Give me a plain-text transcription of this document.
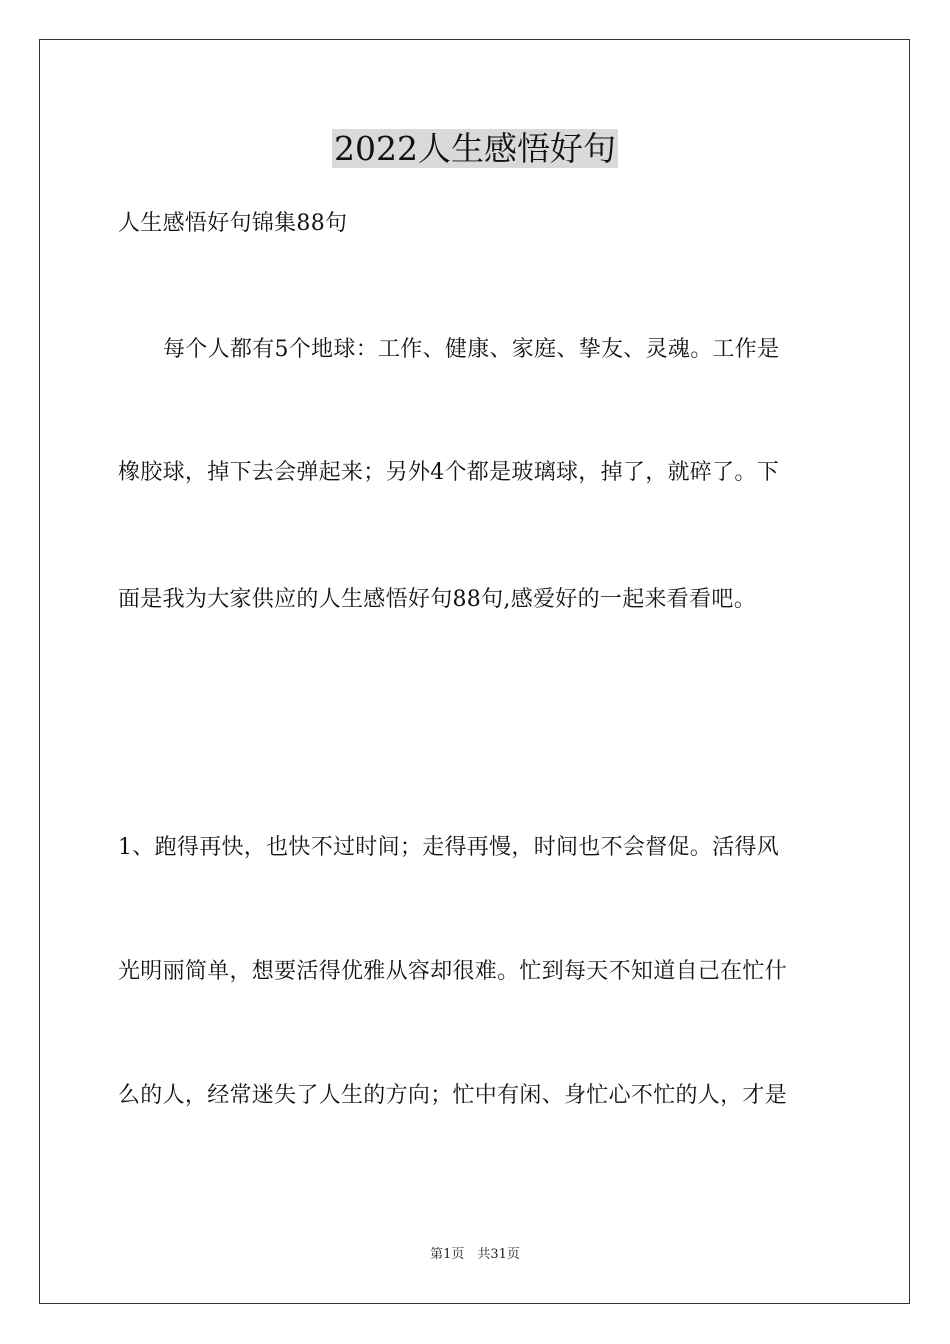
2022人生感悟好句
人生感悟好句锦集88句
每个人都有5个地球：工作、健康、家庭、挚友、灵魂。工作是
橡胶球，掉下去会弹起来；另外4个都是玻璃球，掉了，就碎了。下
面是我为大家供应的人生感悟好句88句,感爱好的一起来看看吧。
1、跑得再快，也快不过时间；走得再慢，时间也不会督促。活得风
光明丽简单，想要活得优雅从容却很难。忙到每天不知道自己在忙什
么的人，经常迷失了人生的方向；忙中有闲、身忙心不忙的人，才是
第1页　共31页
